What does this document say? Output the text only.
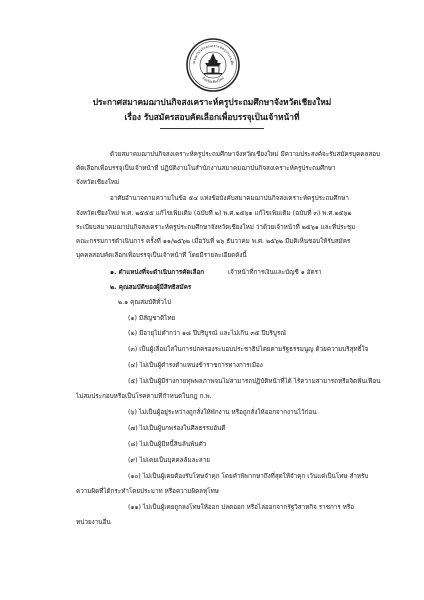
าคมฌาปนกิจสงเคราะห์ครูประถมศึก
จังหวัดเชียงใหม่
ประกาศสมาคมฌาปนกิจสงเคราะห์ครูประถมศึกษาจังหวัดเชียงใหม่
เรื่อง รับสมัครสอบคัดเลือกเพื่อบรรจุเป็นเจ้าหน้าที่
ด้วยสมาคมฌาปนกิจสงเคราะห์ครูประถมศึกษาจังหวัดเชียงใหม่ มีความประสงค์จะรับสมัครบุคคลสอบ
คัดเลือกเพื่อบรรจุเป็นเจ้าหน้าที่ ปฏิบัติงานในสำนักงานสมาคมฌาปนกิจสงเคราะห์ครูประถมศึกษา
จังหวัดเชียงใหม่
อาศัยอำนาจตามความในข้อ ๕๔ แห่งข้อบังคับสมาคมฌาปนกิจสงเคราะห์ครูประถมศึกษา
จังหวัดเชียงใหม่ พ.ศ. ๒๕๕๕ แก้ไขเพิ่มเติม (ฉบับที่ ๒) พ.ศ.๒๕๖๑ แก้ไขเพิ่มเติม (ฉบับที่ ๓) พ.ศ.๒๕๖๒
ระเบียบสมาคมฌาปนกิจสงเคราะห์ครูประถมศึกษาจังหวัดเชียงใหม่ ว่าด้วยเจ้าหน้าที่ ๒๕๖๑ และที่ประชุม
คณะกรรมการดำเนินการ ครั้งที่ ๑๑/๒๕๖๒ เมื่อวันที่ ๒๖ ธันวาคม พ.ศ. ๒๕๖๒ มีมติเห็นชอบให้รับสมัคร
บุคคลสอบคัดเลือกเพื่อบรรจุเป็นเจ้าหน้าที่ โดยมีรายละเอียดดังนี้
๑. ตำแหน่งที่จะดำเนินการคัดเลือก	เจ้าหน้าที่การเงินและบัญชี ๑ อัตรา
๒. คุณสมบัติของผู้มีสิทธิสมัคร
๒.๑ คุณสมบัติทั่วไป
(๑) มีสัญชาติไทย
(๒) มีอายุไม่ต่ำกว่า ๑๘ ปีบริบูรณ์ และไม่เกิน ๓๕ ปีบริบูรณ์
(๓) เป็นผู้เลื่อมใสในการปกครองระบอบประชาธิปไตยตามรัฐธรรมนูญ ด้วยความบริสุทธิ์ใจ
(๔) ไม่เป็นผู้ดำรงตำแหน่งข้าราชการทางการเมือง
(๕) ไม่เป็นผู้มีร่างกายทุพพลภาพจนไม่สามารถปฏิบัติหน้าที่ได้ ไร้ความสามารถหรือจิตฟั่นเฟือน
ไม่สมประกอบหรือเป็นโรคตามที่กำหนดในกฎ ก.พ.
(๖) ไม่เป็นผู้อยู่ระหว่างถูกสั่งให้พักงาน หรือถูกสั่งให้ออกจากงานไว้ก่อน
(๗) ไม่เป็นผู้บกพร่องในศีลธรรมอันดี
(๘) ไม่เป็นผู้มีหนี้สินล้นพ้นตัว
(๙) ไม่เคยเป็นบุคคลล้มละลาย
(๑๐) ไม่เป็นผู้เคยต้องรับโทษจำคุก โดยคำพิพากษาถึงที่สุดให้จำคุก เว้นแต่เป็นโทษ สำหรับ
ความผิดที่ได้กระทำโดยประมาท หรือความผิดลหุโทษ
(๑๑) ไม่เป็นผู้เคยถูกลงโทษให้ออก ปลดออก หรือไล่ออกจากรัฐวิสาหกิจ ราชการ หรือ
หน่วยงานอื่น
